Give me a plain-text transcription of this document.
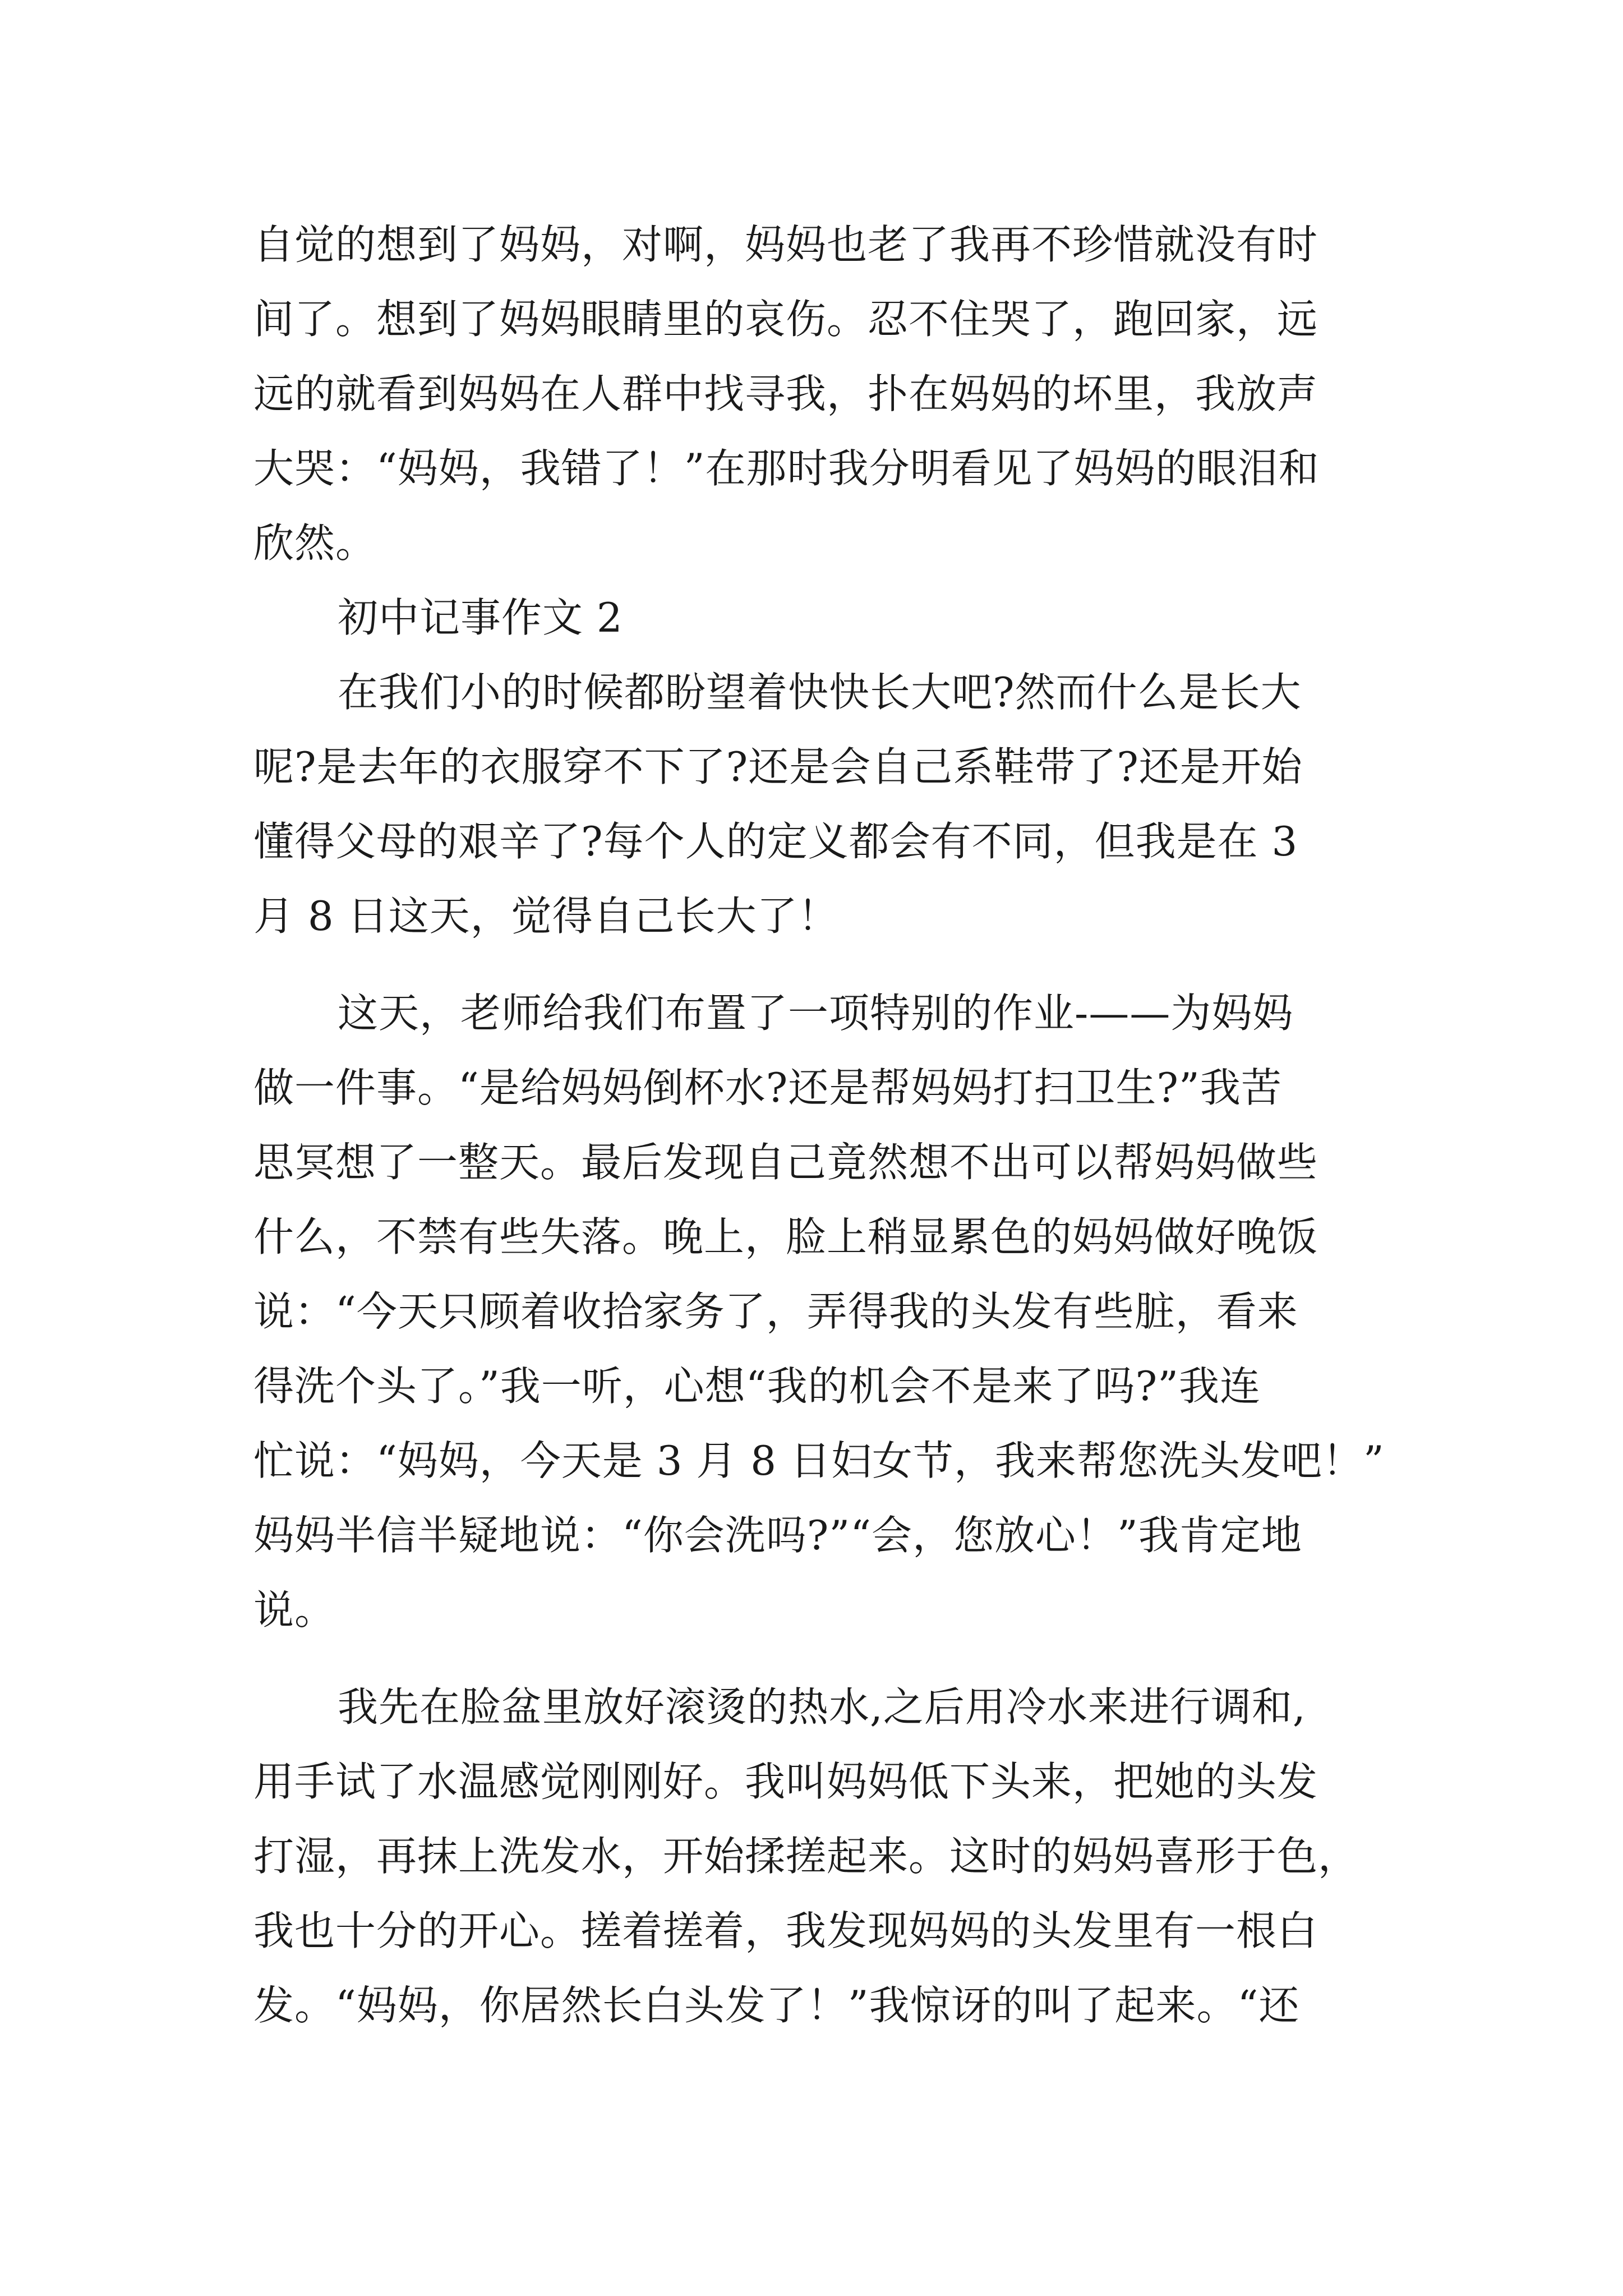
自觉的想到了妈妈，对啊，妈妈也老了我再不珍惜就没有时
间了。想到了妈妈眼睛里的哀伤。忍不住哭了，跑回家，远
远的就看到妈妈在人群中找寻我，扑在妈妈的坏里，我放声
大哭：“妈妈，我错了！”在那时我分明看见了妈妈的眼泪和
欣然。
初中记事作文 2
在我们小的时候都盼望着快快长大吧?然而什么是长大
呢?是去年的衣服穿不下了?还是会自己系鞋带了?还是开始
懂得父母的艰辛了?每个人的定义都会有不同，但我是在 3
月 8 日这天，觉得自己长大了！
这天，老师给我们布置了一项特别的作业-——为妈妈
做一件事。“是给妈妈倒杯水?还是帮妈妈打扫卫生?”我苦
思冥想了一整天。最后发现自己竟然想不出可以帮妈妈做些
什么，不禁有些失落。晚上，脸上稍显累色的妈妈做好晚饭
说：“今天只顾着收拾家务了，弄得我的头发有些脏，看来
得洗个头了。”我一听，心想“我的机会不是来了吗?”我连
忙说：“妈妈，今天是 3 月 8 日妇女节，我来帮您洗头发吧！”
妈妈半信半疑地说：“你会洗吗?”“会，您放心！”我肯定地
说。
我先在脸盆里放好滚烫的热水,之后用冷水来进行调和,
用手试了水温感觉刚刚好。我叫妈妈低下头来，把她的头发
打湿，再抹上洗发水，开始揉搓起来。这时的妈妈喜形于色，
我也十分的开心。搓着搓着，我发现妈妈的头发里有一根白
发。“妈妈，你居然长白头发了！”我惊讶的叫了起来。“还
